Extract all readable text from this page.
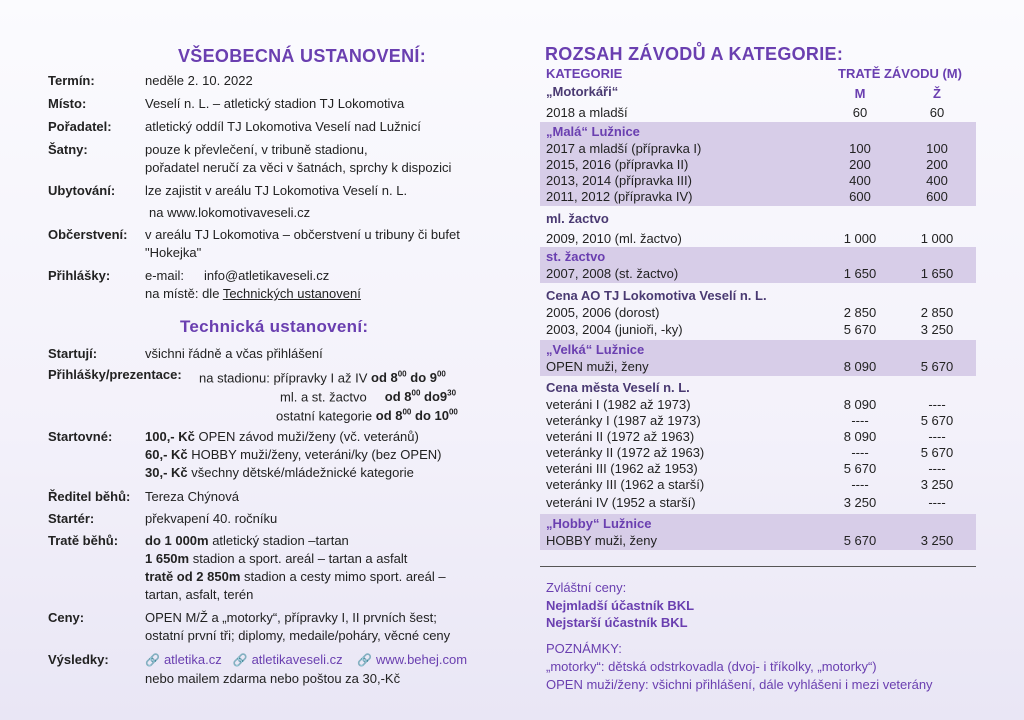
VŠEOBECNÁ USTANOVENÍ:
Termín:	neděle 2. 10. 2022
Místo:	Veselí n. L. – atletický stadion TJ Lokomotiva
Pořadatel:	atletický oddíl TJ Lokomotiva Veselí nad Lužnicí
Šatny:	pouze k převlečení, v tribuně stadionu,
pořadatel neručí za věci v šatnách, sprchy k dispozici
Ubytování: lze zajistit v areálu TJ Lokomotiva Veselí n. L.
na www.lokomotivaveseli.cz
Občerstvení: v areálu TJ Lokomotiva – občerstvení u tribuny či bufet
"Hokejka"
Přihlášky:	e-mail: info@atletikaveseli.cz
na místě: dle Technických ustanovení
Technická ustanovení:
Startují:	všichni řádně a včas přihlášení
Přihlášky/prezentace: na stadionu: přípravky I až IV od $8^{00}$ do $9^{00}$
ml. a st. žactvo od $8^{00}$ $do9^{30}$
ostatní kategorie od $8^{00}$ do $10^{00}$
Startovné:	100,- Kč OPEN závod muži/ženy (vč. veteránů)
60,- Kč HOBBY muži/ženy, veteráni/ky (bez OPEN)
30,- Kč všechny dětské/mládežnické kategorie
Ředitel běhů: Tereza Chýnová
Startér:	překvapení 40. ročníku
Tratě běhů: do 1 000m atletický stadion –tartan
1 650m stadion a sport. areál – tartan a asfalt
tratě od 2 850m stadion a cesty mimo sport. areál –
tartan, asfalt, terén
Ceny:	OPEN M/Ž a „motorky“, přípravky I, II prvních šest;
ostatní první tři; diplomy, medaile/poháry, věcné ceny
Výsledky:	🔗 atletika.cz 🔗 atletikaveseli.cz 🔗 www.behej.com
nebo mailem zdarma nebo poštou za 30,-Kč
ROZSAH ZÁVODŮ A KATEGORIE:
KATEGORIE	TRATĚ ZÁVODU (M)
M	Ž
„Motorkáři“
2018 a mladší	60	60
„Malá“ Lužnice
2017 a mladší (přípravka I)	100	100
2015, 2016 (přípravka II)	200	200
2013, 2014 (přípravka III)	400	400
2011, 2012 (přípravka IV)	600	600
ml. žactvo
2009, 2010 (ml. žactvo)	1 000	1 000
st. žactvo
2007, 2008 (st. žactvo)	1 650	1 650
Cena AO TJ Lokomotiva Veselí n. L.
2005, 2006 (dorost)	2 850	2 850
2003, 2004 (junioři, -ky)	5 670	3 250
„Velká“ Lužnice
OPEN muži, ženy	8 090	5 670
Cena města Veselí n. L.
veteráni I (1982 až 1973)	8 090	----
veteránky I (1987 až 1973)	----	5 670
veteráni II (1972 až 1963)	8 090	----
veteránky II (1972 až 1963)	----	5 670
veteráni III (1962 až 1953)	5 670	----
veteránky III (1962 a starší)	----	3 250
veteráni IV (1952 a starší)	3 250	----
„Hobby“ Lužnice
HOBBY muži, ženy	5 670	3 250
Zvláštní ceny:
Nejmladší účastník BKL
Nejstarší účastník BKL
POZNÁMKY:
„motorky“: dětská odstrkovadla (dvoj- i tříkolky, „motorky“)
OPEN muži/ženy: všichni přihlášení, dále vyhlášeni i mezi veterány
